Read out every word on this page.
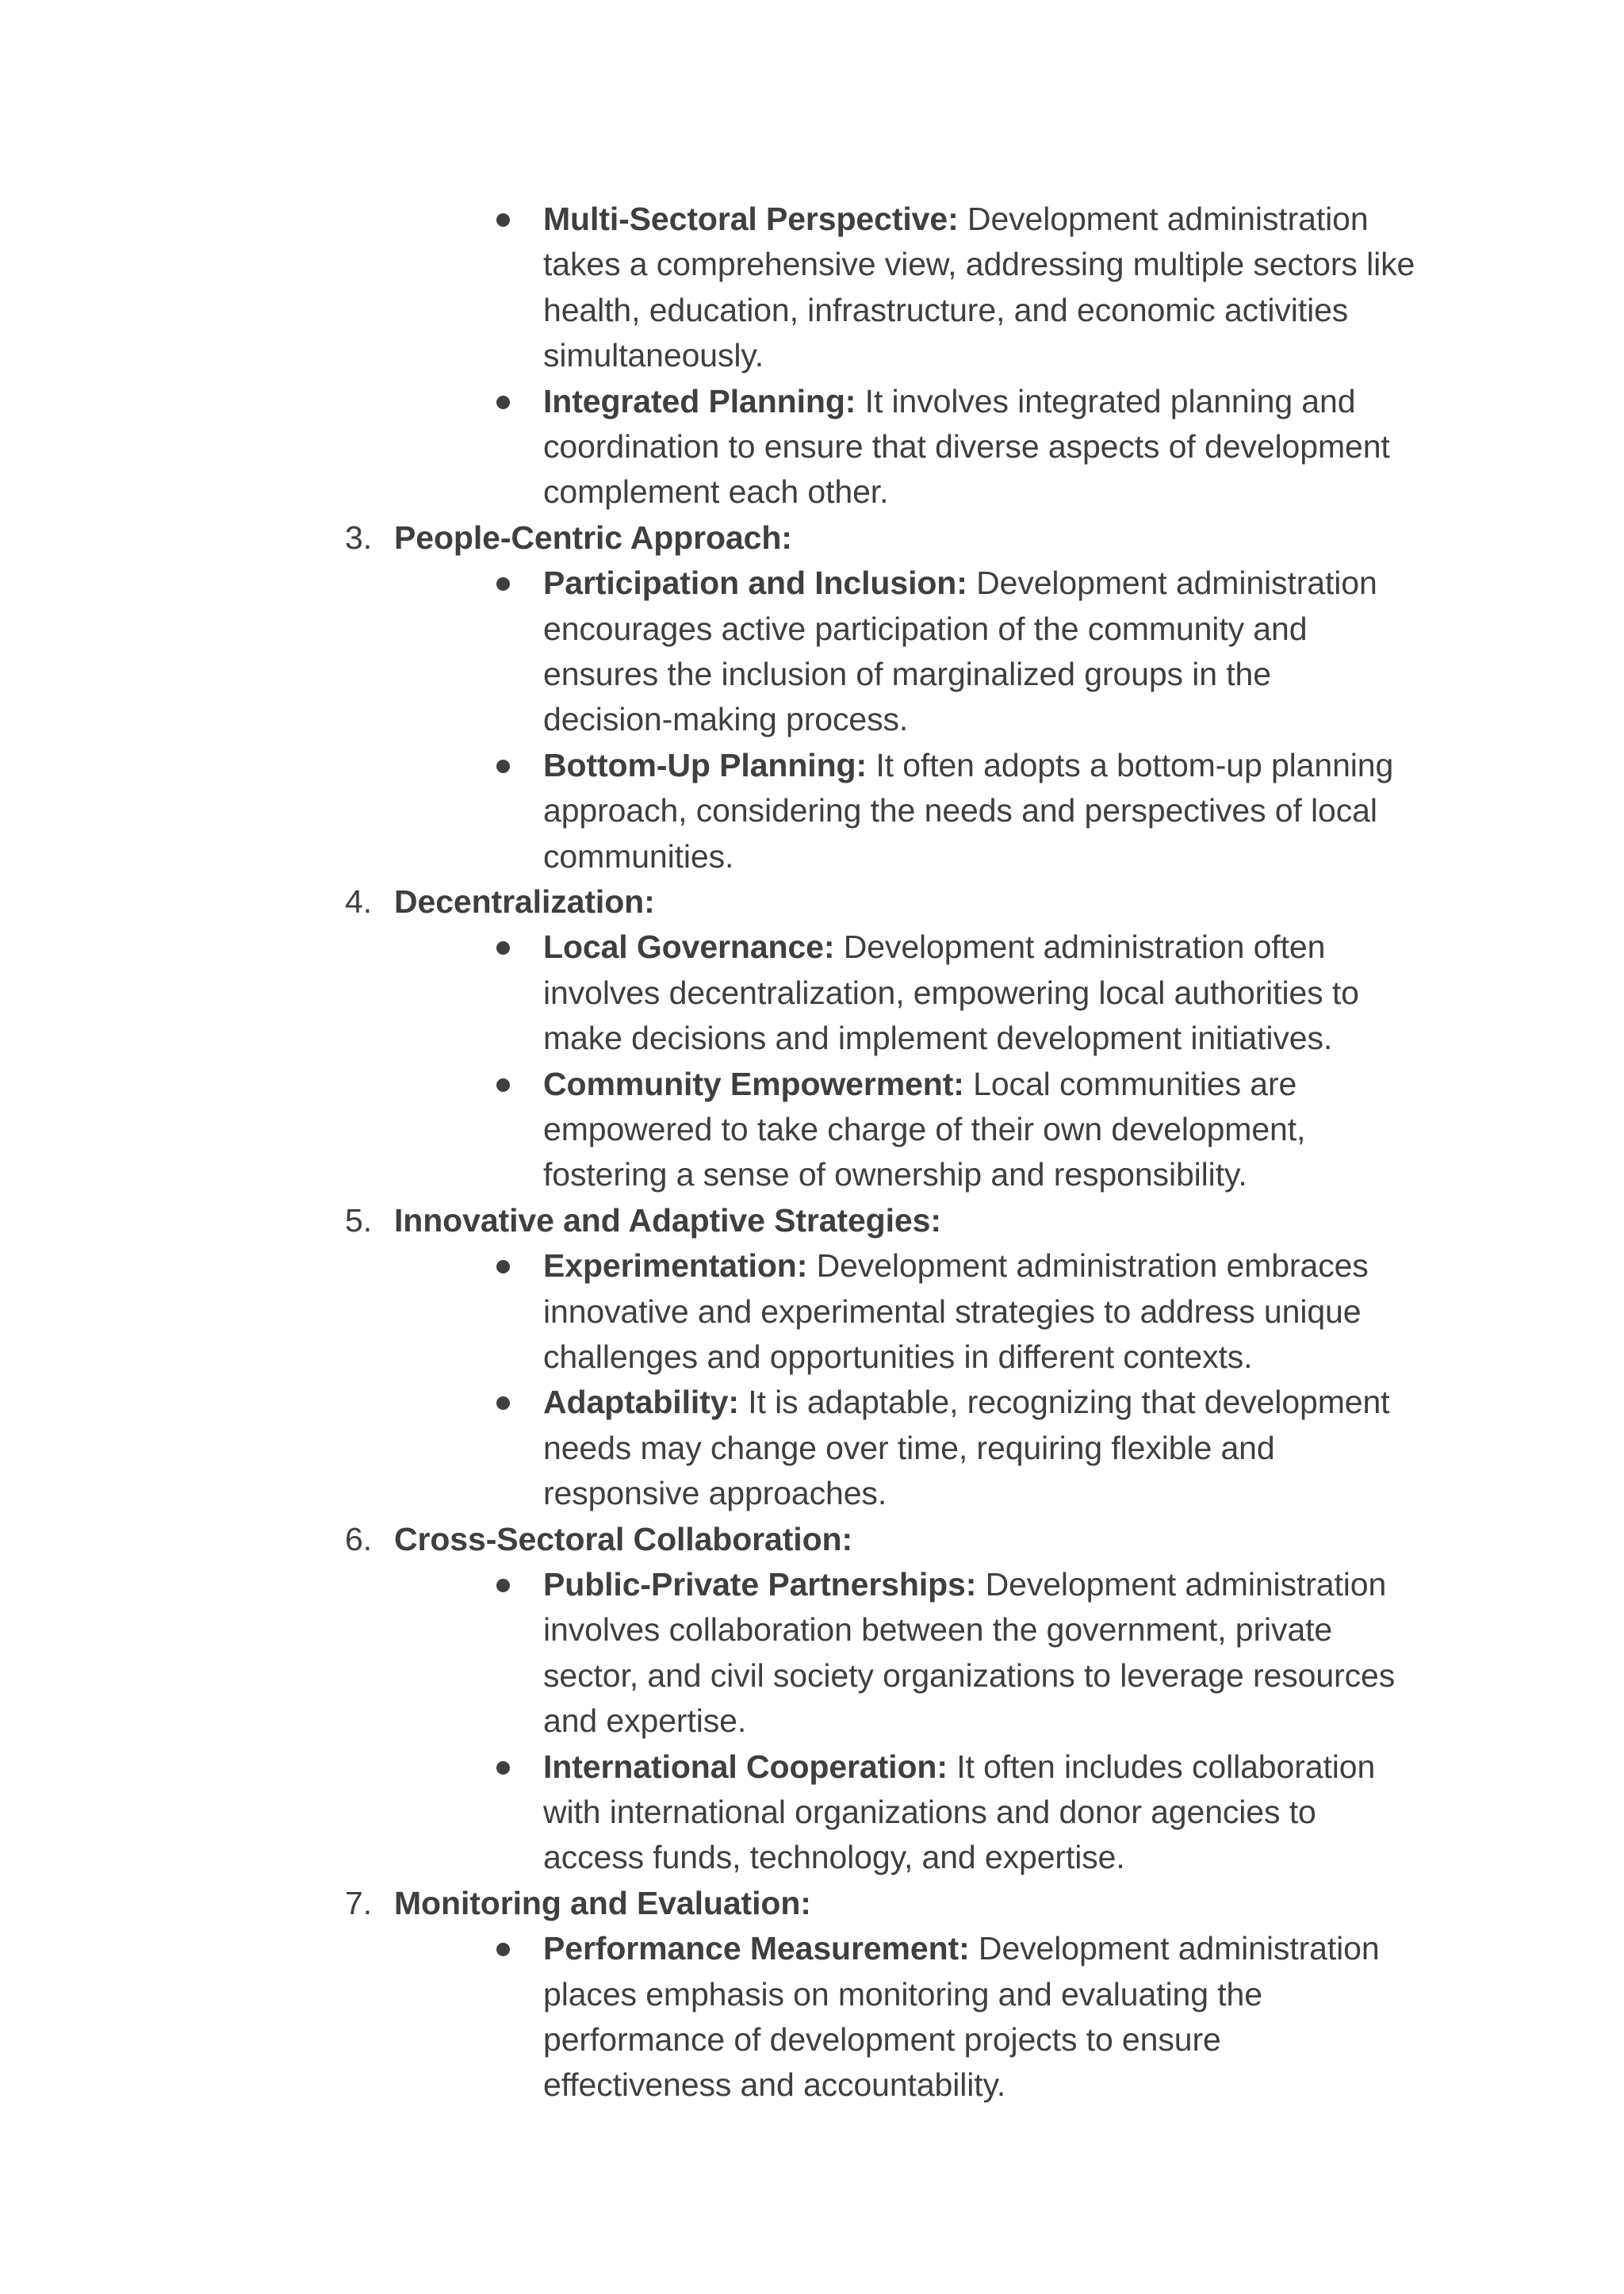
Multi-Sectoral Perspective: Development administration
takes a comprehensive view, addressing multiple sectors like
health, education, infrastructure, and economic activities
simultaneously.
Integrated Planning: It involves integrated planning and
coordination to ensure that diverse aspects of development
complement each other.
3. People-Centric Approach:
Participation and Inclusion: Development administration
encourages active participation of the community and
ensures the inclusion of marginalized groups in the
decision-making process.
Bottom-Up Planning: It often adopts a bottom-up planning
approach, considering the needs and perspectives of local
communities.
4. Decentralization:
Local Governance: Development administration often
involves decentralization, empowering local authorities to
make decisions and implement development initiatives.
Community Empowerment: Local communities are
empowered to take charge of their own development,
fostering a sense of ownership and responsibility.
5. Innovative and Adaptive Strategies:
Experimentation: Development administration embraces
innovative and experimental strategies to address unique
challenges and opportunities in different contexts.
Adaptability: It is adaptable, recognizing that development
needs may change over time, requiring flexible and
responsive approaches.
6. Cross-Sectoral Collaboration:
Public-Private Partnerships: Development administration
involves collaboration between the government, private
sector, and civil society organizations to leverage resources
and expertise.
International Cooperation: It often includes collaboration
with international organizations and donor agencies to
access funds, technology, and expertise.
7. Monitoring and Evaluation:
Performance Measurement: Development administration
places emphasis on monitoring and evaluating the
performance of development projects to ensure
effectiveness and accountability.
